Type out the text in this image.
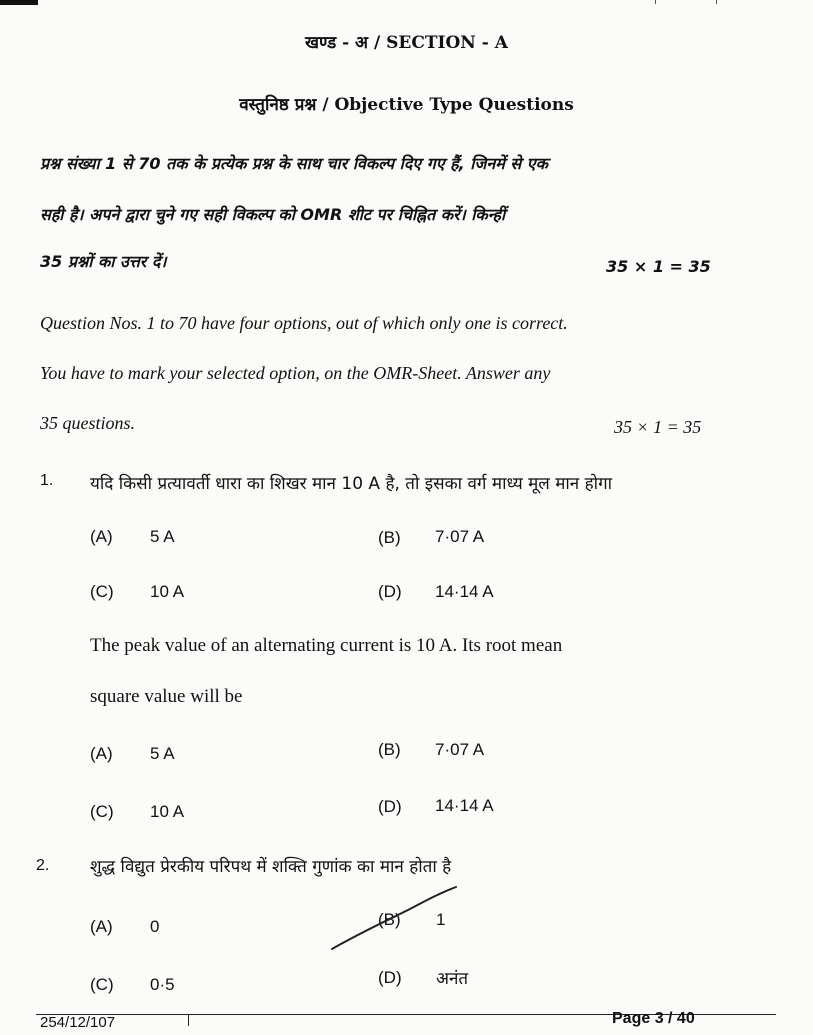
खण्ड - अ / SECTION - A
वस्तुनिष्ठ प्रश्न / Objective Type Questions
प्रश्न संख्या 1 से 70 तक के प्रत्येक प्रश्न के साथ चार विकल्प दिए गए हैं, जिनमें से एक
सही है। अपने द्वारा चुने गए सही विकल्प को OMR शीट पर चिह्नित करें। किन्हीं
35 प्रश्नों का उत्तर दें।	35 × 1 = 35
Question Nos. 1 to 70 have four options, out of which only one is correct.
You have to mark your selected option, on the OMR-Sheet. Answer any
35 questions.	35 × 1 = 35
1. यदि किसी प्रत्यावर्ती धारा का शिखर मान 10 A है, तो इसका वर्ग माध्य मूल मान होगा
(A) 5 A	(B) 7·07 A
(C) 10 A	(D) 14·14 A
The peak value of an alternating current is 10 A. Its root mean
square value will be
(A) 5 A	(B) 7·07 A
(C) 10 A	(D) 14·14 A
2. शुद्ध विद्युत प्रेरकीय परिपथ में शक्ति गुणांक का मान होता है
(A) 0	(B) 1
(C) 0·5	(D) अनंत
254/12/107	Page 3 / 40
